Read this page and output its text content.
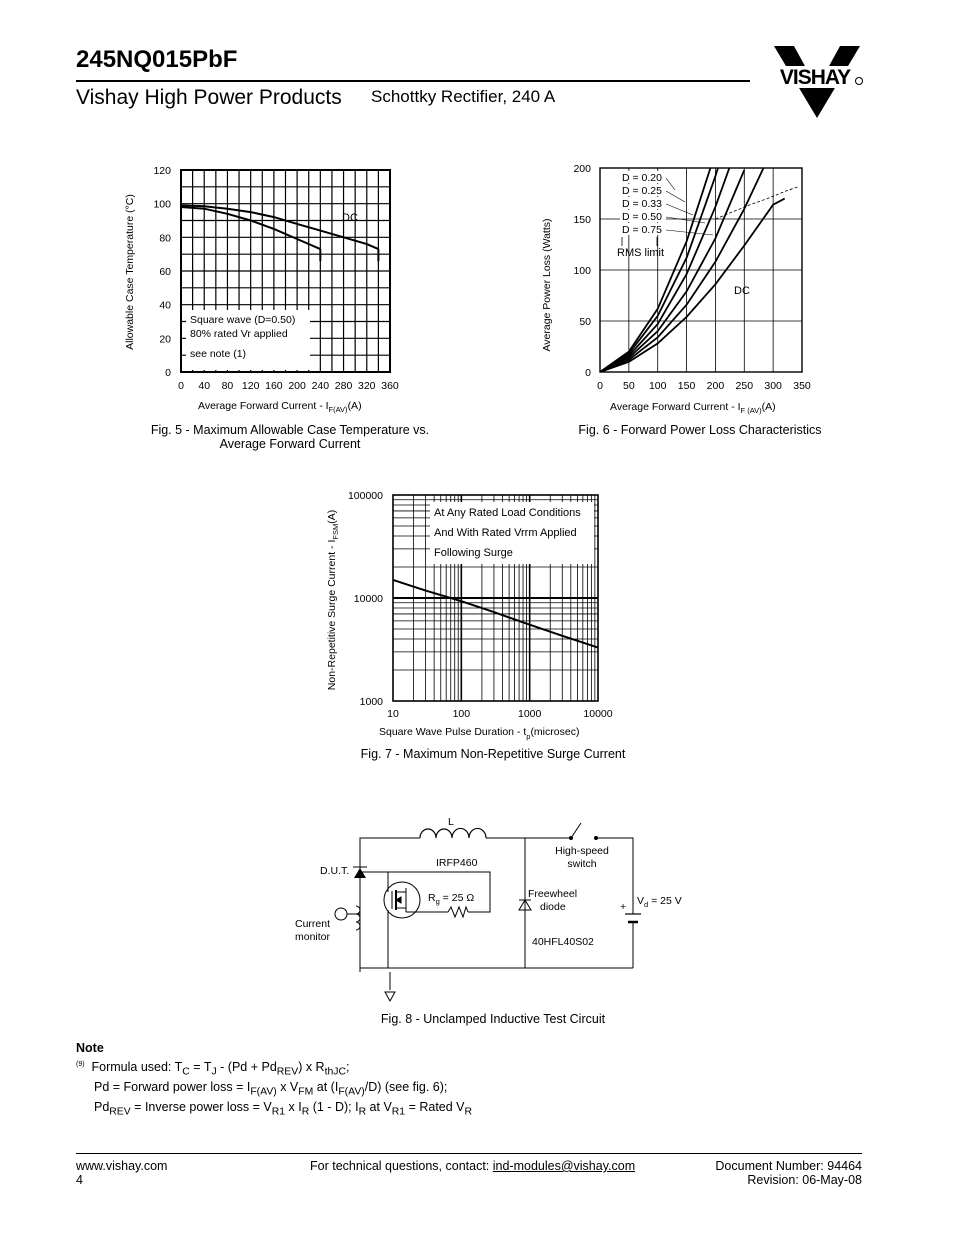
245NQ015PbF
Vishay High Power Products Schottky Rectifier, 240 A
VISHAY
0 40 80 120 160 200 240 280 320 360
0
20
40
60
80
100
120
DC
Square wave (D=0.50)
80% rated Vr applied
see note (1)
Allowable Case Temperature (°C)
Average Forward Current - $I_{F(AV)}(A)$
Fig. 5 - Maximum Allowable Case Temperature vs.
Average Forward Current
0 50 100 150 200 250 300 350
0
50
100
150
200
D = 0.20
D = 0.25
D = 0.33
D = 0.50
D = 0.75
RMS limit
DC
Average Power Loss (Watts)
Average Forward Current - $I_{F (AV)}(A)$
Fig. 6 - Forward Power Loss Characteristics
10	100	1000	10000
1000
10000
100000
At Any Rated Load Conditions
And With Rated Vrrm Applied
Following Surge
Non-Repetitive Surge Current - $I_{FSM}(A)$
Square Wave Pulse Duration - $t_p(microsec)$
Fig. 7 - Maximum Non-Repetitive Surge Current
L
High-speed
switch
D.U.T.
IRFP460
$R_g = 25$ Ω	Freewheel
diode	+ $V_d = 25$ V
Current
monitor	40HFL40S02
Fig. 8 - Unclamped Inductive Test Circuit
Note
$^{(9)}$  Formula used: $T_C = T_J - (Pd + Pd_{REV})$ x $R_{thJC}$;
Pd = Forward power loss = $I_{F(AV)}$ x $V_{FM}$ at $(I_{F(AV)}/D)$ (see fig. 6);
$Pd_{REV}$ = Inverse power loss = $V_{R1}$ x $I_R$ (1 - D); $I_R$ at $V_{R1}$ = Rated $V_R$
www.vishay.com
4
For technical questions, contact: ind-modules@vishay.com	Document Number: 94464
Revision: 06-May-08
